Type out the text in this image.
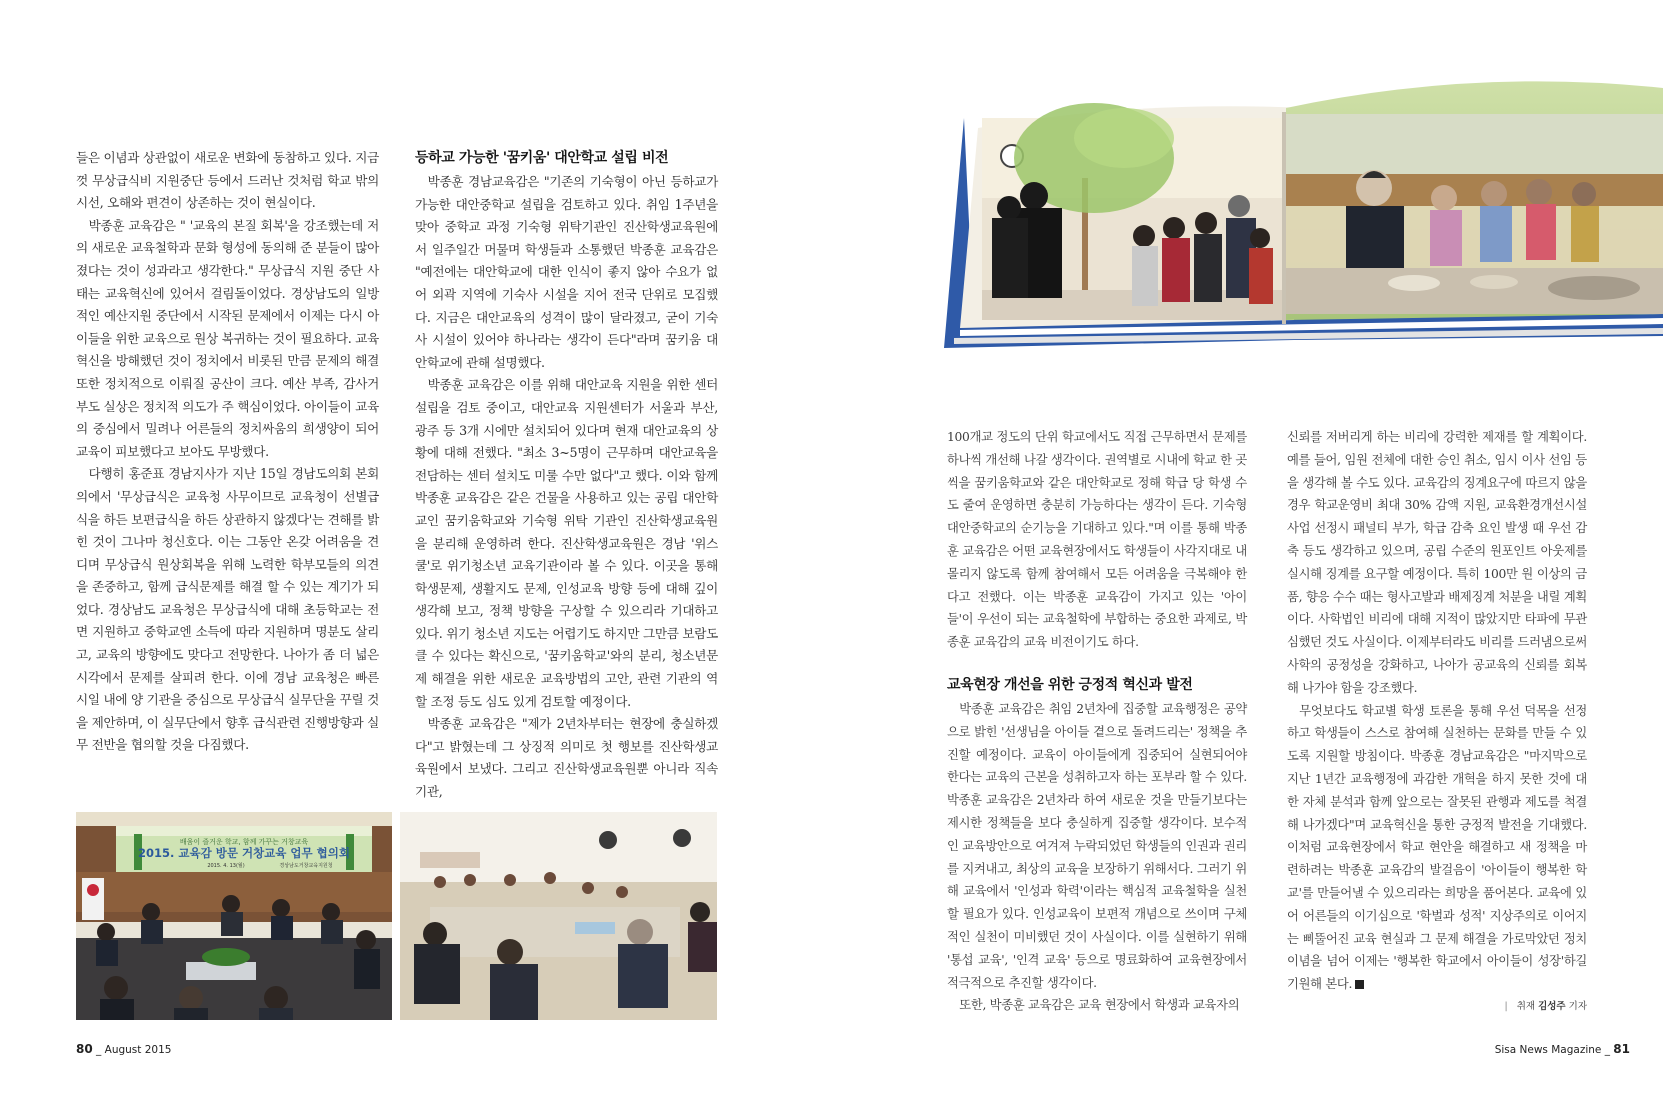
들은 이념과 상관없이 새로운 변화에 동참하고 있다. 지금껏 무상급식비 지원중단 등에서 드러난 것처럼 학교 밖의 시선, 오해와 편견이 상존하는 것이 현실이다.

박종훈 교육감은 " '교육의 본질 회복'을 강조했는데 저의 새로운 교육철학과 문화 형성에 동의해 준 분들이 많아졌다는 것이 성과라고 생각한다." 무상급식 지원 중단 사태는 교육혁신에 있어서 걸림돌이었다. 경상남도의 일방적인 예산지원 중단에서 시작된 문제에서 이제는 다시 아이들을 위한 교육으로 원상 복귀하는 것이 필요하다. 교육혁신을 방해했던 것이 정치에서 비롯된 만큼 문제의 해결 또한 정치적으로 이뤄질 공산이 크다. 예산 부족, 감사거부도 실상은 정치적 의도가 주 핵심이었다. 아이들이 교육의 중심에서 밀려나 어른들의 정치싸움의 희생양이 되어 교육이 피보했다고 보아도 무방했다.

다행히 홍준표 경남지사가 지난 15일 경남도의회 본회의에서 '무상급식은 교육청 사무이므로 교육청이 선별급식을 하든 보편급식을 하든 상관하지 않겠다'는 견해를 밝힌 것이 그나마 청신호다. 이는 그동안 온갖 어려움을 견디며 무상급식 원상회복을 위해 노력한 학부모들의 의견을 존중하고, 함께 급식문제를 해결 할 수 있는 계기가 되었다. 경상남도 교육청은 무상급식에 대해 초등학교는 전면 지원하고 중학교엔 소득에 따라 지원하며 명분도 살리고, 교육의 방향에도 맞다고 전망한다. 나아가 좀 더 넓은 시각에서 문제를 살피려 한다. 이에 경남 교육청은 빠른 시일 내에 양 기관을 중심으로 무상급식 실무단을 꾸릴 것을 제안하며, 이 실무단에서 향후 급식관련 진행방향과 실무 전반을 협의할 것을 다짐했다.

등하교 가능한 '꿈키움' 대안학교 설립 비전

박종훈 경남교육감은 "기존의 기숙형이 아닌 등하교가 가능한 대안중학교 설립을 검토하고 있다. 취임 1주년을 맞아 중학교 과정 기숙형 위탁기관인 진산학생교육원에서 일주일간 머물며 학생들과 소통했던 박종훈 교육감은 "예전에는 대안학교에 대한 인식이 좋지 않아 수요가 없어 외곽 지역에 기숙사 시설을 지어 전국 단위로 모집했다. 지금은 대안교육의 성격이 많이 달라졌고, 굳이 기숙사 시설이 있어야 하나라는 생각이 든다"라며 꿈키움 대안학교에 관해 설명했다.

박종훈 교육감은 이를 위해 대안교육 지원을 위한 센터 설립을 검토 중이고, 대안교육 지원센터가 서울과 부산, 광주 등 3개 시에만 설치되어 있다며 현재 대안교육의 상황에 대해 전했다. "최소 3~5명이 근무하며 대안교육을 전담하는 센터 설치도 미룰 수만 없다"고 했다. 이와 함께 박종훈 교육감은 같은 건물을 사용하고 있는 공립 대안학교인 꿈키움학교와 기숙형 위탁 기관인 진산학생교육원을 분리해 운영하려 한다. 진산학생교육원은 경남 '위스쿨'로 위기청소년 교육기관이라 볼 수 있다. 이곳을 통해 학생문제, 생활지도 문제, 인성교육 방향 등에 대해 깊이 생각해 보고, 정책 방향을 구상할 수 있으리라 기대하고 있다. 위기 청소년 지도는 어렵기도 하지만 그만큼 보람도 클 수 있다는 확신으로, '꿈키움학교'와의 분리, 청소년문제 해결을 위한 새로운 교육방법의 고안, 관련 기관의 역할 조정 등도 심도 있게 검토할 예정이다.

박종훈 교육감은 "제가 2년차부터는 현장에 충실하겠다"고 밝혔는데 그 상징적 의미로 첫 행보를 진산학생교육원에서 보냈다. 그리고 진산학생교육원뿐 아니라 직속기관,

배움이 즐거운 학교, 함께 가꾸는 거창교육
2015. 교육감 방문 거창교육 업무 협의회
2015. 4. 13(월)	경상남도거창교육지원청
80 _ August 2015

100개교 정도의 단위 학교에서도 직접 근무하면서 문제를 하나씩 개선해 나갈 생각이다. 권역별로 시내에 학교 한 곳씩을 꿈키움학교와 같은 대안학교로 정해 학급 당 학생 수도 줄여 운영하면 충분히 가능하다는 생각이 든다. 기숙형 대안중학교의 순기능을 기대하고 있다."며 이를 통해 박종훈 교육감은 어떤 교육현장에서도 학생들이 사각지대로 내몰리지 않도록 함께 참여해서 모든 어려움을 극복해야 한다고 전했다. 이는 박종훈 교육감이 가지고 있는 '아이들'이 우선이 되는 교육철학에 부합하는 중요한 과제로, 박종훈 교육감의 교육 비전이기도 하다.

교육현장 개선을 위한 긍정적 혁신과 발전

박종훈 교육감은 취임 2년차에 집중할 교육행정은 공약으로 밝힌 '선생님을 아이들 곁으로 돌려드리는' 정책을 추진할 예정이다. 교육이 아이들에게 집중되어 실현되어야 한다는 교육의 근본을 성취하고자 하는 포부라 할 수 있다. 박종훈 교육감은 2년차라 하여 새로운 것을 만들기보다는 제시한 정책들을 보다 충실하게 집중할 생각이다. 보수적인 교육방안으로 여겨져 누락되었던 학생들의 인권과 권리를 지켜내고, 최상의 교육을 보장하기 위해서다. 그러기 위해 교육에서 '인성과 학력'이라는 핵심적 교육철학을 실천할 필요가 있다. 인성교육이 보편적 개념으로 쓰이며 구체적인 실천이 미비했던 것이 사실이다. 이를 실현하기 위해 '통섭 교육', '인격 교육' 등으로 명료화하여 교육현장에서 적극적으로 추진할 생각이다.

또한, 박종훈 교육감은 교육 현장에서 학생과 교육자의

신뢰를 저버리게 하는 비리에 강력한 제재를 할 계획이다. 예를 들어, 임원 전체에 대한 승인 취소, 임시 이사 선임 등을 생각해 볼 수도 있다. 교육감의 징계요구에 따르지 않을 경우 학교운영비 최대 30% 감액 지원, 교육환경개선시설 사업 선정시 패널티 부가, 학급 감축 요인 발생 때 우선 감축 등도 생각하고 있으며, 공립 수준의 원포인트 아웃제를 실시해 징계를 요구할 예정이다. 특히 100만 원 이상의 금품, 향응 수수 때는 형사고발과 배제징계 처분을 내릴 계획이다. 사학법인 비리에 대해 지적이 많았지만 타파에 무관심했던 것도 사실이다. 이제부터라도 비리를 드러냄으로써 사학의 공정성을 강화하고, 나아가 공교육의 신뢰를 회복해 나가야 함을 강조했다.

무엇보다도 학교별 학생 토론을 통해 우선 덕목을 선정하고 학생들이 스스로 참여해 실천하는 문화를 만들 수 있도록 지원할 방침이다. 박종훈 경남교육감은 "마지막으로 지난 1년간 교육행정에 과감한 개혁을 하지 못한 것에 대한 자체 분석과 함께 앞으로는 잘못된 관행과 제도를 척결해 나가겠다"며 교육혁신을 통한 긍정적 발전을 기대했다. 이처럼 교육현장에서 학교 현안을 해결하고 새 정책을 마련하려는 박종훈 교육감의 발걸음이 '아이들이 행복한 학교'를 만들어낼 수 있으리라는 희망을 품어본다. 교육에 있어 어른들의 이기심으로 '학벌과 성적' 지상주의로 이어지는 삐뚤어진 교육 현실과 그 문제 해결을 가로막았던 정치이념을 넘어 이제는 '행복한 학교에서 아이들이 성장'하길 기원해 본다.

| 취재 김성주 기자
Sisa News Magazine _ 81
